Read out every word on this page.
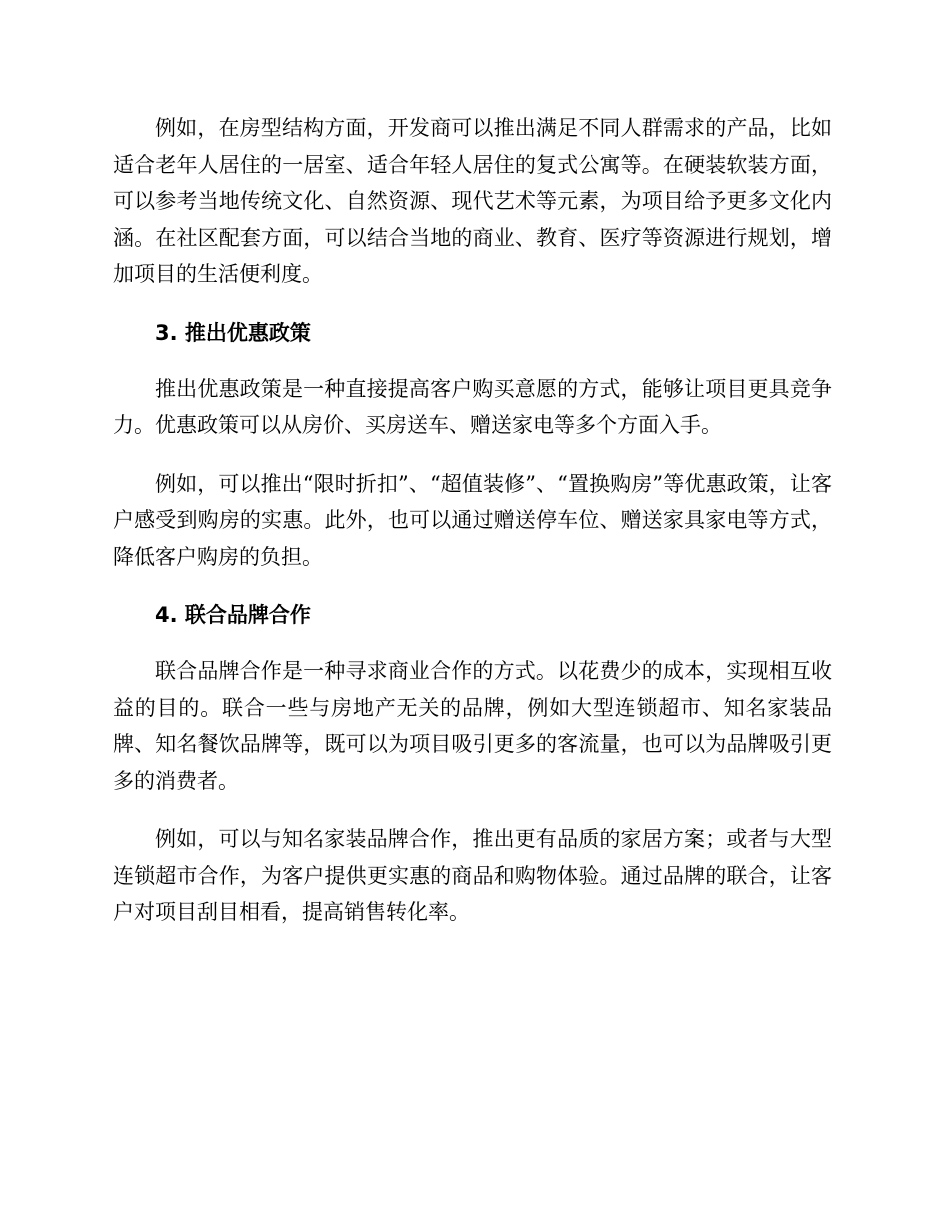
例如，在房型结构方面，开发商可以推出满足不同人群需求的产品，比如适合老年人居住的一居室、适合年轻人居住的复式公寓等。在硬装软装方面，可以参考当地传统文化、自然资源、现代艺术等元素，为项目给予更多文化内涵。在社区配套方面，可以结合当地的商业、教育、医疗等资源进行规划，增加项目的生活便利度。

3. 推出优惠政策

推出优惠政策是一种直接提高客户购买意愿的方式，能够让项目更具竞争力。优惠政策可以从房价、买房送车、赠送家电等多个方面入手。

例如，可以推出“限时折扣”、“超值装修”、“置换购房”等优惠政策，让客户感受到购房的实惠。此外，也可以通过赠送停车位、赠送家具家电等方式，降低客户购房的负担。

4. 联合品牌合作

联合品牌合作是一种寻求商业合作的方式。以花费少的成本，实现相互收益的目的。联合一些与房地产无关的品牌，例如大型连锁超市、知名家装品牌、知名餐饮品牌等，既可以为项目吸引更多的客流量，也可以为品牌吸引更多的消费者。

例如，可以与知名家装品牌合作，推出更有品质的家居方案；或者与大型连锁超市合作，为客户提供更实惠的商品和购物体验。通过品牌的联合，让客户对项目刮目相看，提高销售转化率。
